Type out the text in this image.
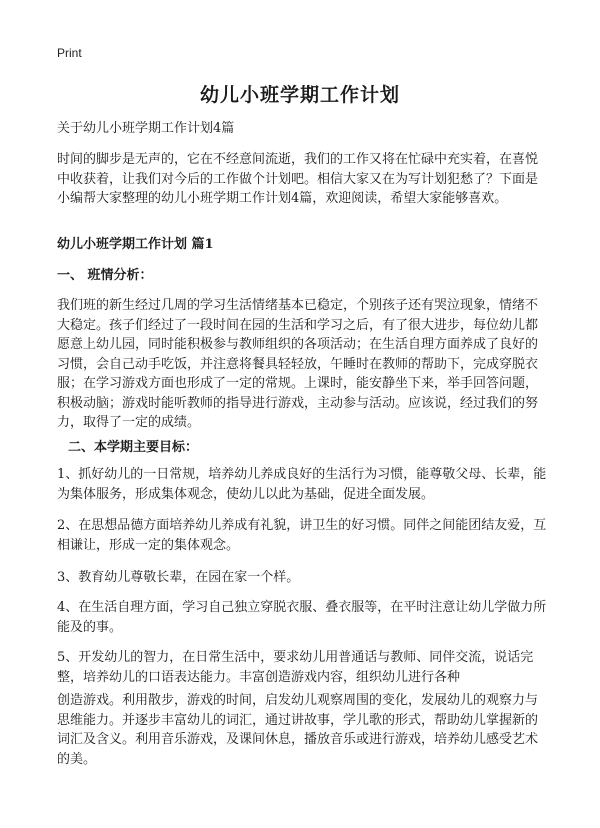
Print
幼儿小班学期工作计划
关于幼儿小班学期工作计划4篇
时间的脚步是无声的，它在不经意间流逝，我们的工作又将在忙碌中充实着，在喜悦中收获着，让我们对今后的工作做个计划吧。相信大家又在为写计划犯愁了？下面是小编帮大家整理的幼儿小班学期工作计划4篇，欢迎阅读，希望大家能够喜欢。
幼儿小班学期工作计划 篇1
一、 班情分析：
我们班的新生经过几周的学习生活情绪基本已稳定，个别孩子还有哭泣现象，情绪不大稳定。孩子们经过了一段时间在园的生活和学习之后，有了很大进步，每位幼儿都愿意上幼儿园，同时能积极参与教师组织的各项活动；在生活自理方面养成了良好的习惯，会自己动手吃饭，并注意将餐具轻轻放，午睡时在教师的帮助下，完成穿脱衣服；在学习游戏方面也形成了一定的常规。上课时，能安静坐下来，举手回答问题，积极动脑；游戏时能听教师的指导进行游戏，主动参与活动。应该说，经过我们的努力，取得了一定的成绩。
二、本学期主要目标：
1、抓好幼儿的一日常规，培养幼儿养成良好的生活行为习惯，能尊敬父母、长辈，能为集体服务，形成集体观念，使幼儿以此为基础，促进全面发展。
2、在思想品德方面培养幼儿养成有礼貌，讲卫生的好习惯。同伴之间能团结友爱，互相谦让，形成一定的集体观念。
3、教育幼儿尊敬长辈，在园在家一个样。
4、在生活自理方面，学习自己独立穿脱衣服、叠衣服等，在平时注意让幼儿学做力所能及的事。
5、开发幼儿的智力，在日常生活中，要求幼儿用普通话与教师、同伴交流，说话完整，培养幼儿的口语表达能力。丰富创造游戏内容，组织幼儿进行各种
创造游戏。利用散步，游戏的时间，启发幼儿观察周围的变化，发展幼儿的观察力与思维能力。并逐步丰富幼儿的词汇，通过讲故事，学儿歌的形式，帮助幼儿掌握新的词汇及含义。利用音乐游戏，及课间休息，播放音乐或进行游戏，培养幼儿感受艺术的美。
